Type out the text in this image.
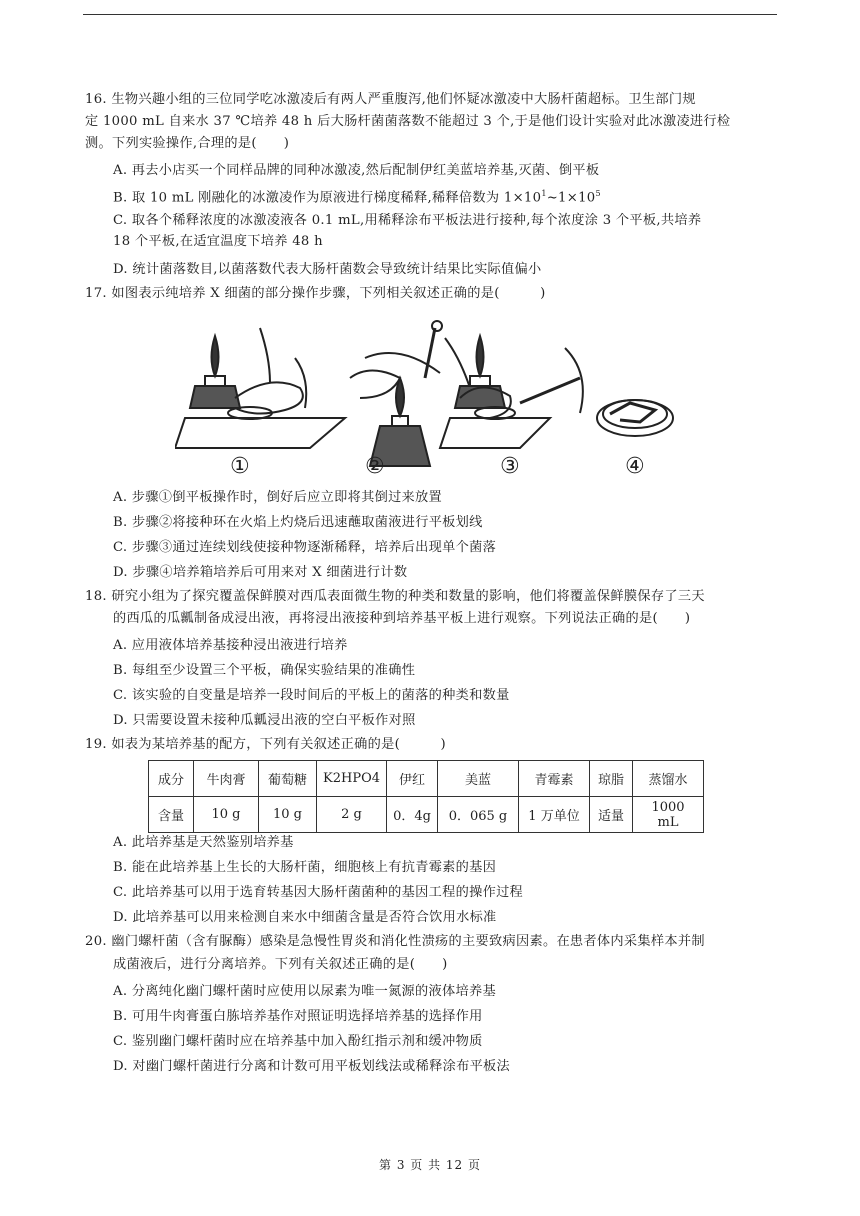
16. 生物兴趣小组的三位同学吃冰激凌后有两人严重腹泻,他们怀疑冰激凌中大肠杆菌超标。卫生部门规
定 1000 mL 自来水 37 ℃培养 48 h 后大肠杆菌菌落数不能超过 3 个,于是他们设计实验对此冰激凌进行检
测。下列实验操作,合理的是(　　)
A. 再去小店买一个同样品牌的同种冰激凌,然后配制伊红美蓝培养基,灭菌、倒平板
B. 取 10 mL 刚融化的冰激凌作为原液进行梯度稀释,稀释倍数为 $1\times 10^1\sim 1\times 10^5$
C. 取各个稀释浓度的冰激凌液各 0.1 mL,用稀释涂布平板法进行接种,每个浓度涂 3 个平板,共培养
18 个平板,在适宜温度下培养 48 h
D. 统计菌落数目,以菌落数代表大肠杆菌数会导致统计结果比实际值偏小
17. 如图表示纯培养 X 细菌的部分操作步骤，下列相关叙述正确的是(　　　)
①	②	③	④
A. 步骤①倒平板操作时，倒好后应立即将其倒过来放置
B. 步骤②将接种环在火焰上灼烧后迅速蘸取菌液进行平板划线
C. 步骤③通过连续划线使接种物逐渐稀释，培养后出现单个菌落
D. 步骤④培养箱培养后可用来对 X 细菌进行计数
18. 研究小组为了探究覆盖保鲜膜对西瓜表面微生物的种类和数量的影响，他们将覆盖保鲜膜保存了三天
的西瓜的瓜瓤制备成浸出液，再将浸出液接种到培养基平板上进行观察。下列说法正确的是(　　)
A. 应用液体培养基接种浸出液进行培养
B. 每组至少设置三个平板，确保实验结果的准确性
C. 该实验的自变量是培养一段时间后的平板上的菌落的种类和数量
D. 只需要设置未接种瓜瓤浸出液的空白平板作对照
19. 如表为某培养基的配方，下列有关叙述正确的是(　　　)
成分	牛肉膏	葡萄糖	K2HPO4	伊红	美蓝	青霉素	琼脂	蒸馏水
含量	10 g	10 g	2 g	0．4g	0．065 g	1 万单位	适量	1000 mL
A. 此培养基是天然鉴别培养基
B. 能在此培养基上生长的大肠杆菌，细胞核上有抗青霉素的基因
C. 此培养基可以用于选育转基因大肠杆菌菌种的基因工程的操作过程
D. 此培养基可以用来检测自来水中细菌含量是否符合饮用水标准
20. 幽门螺杆菌（含有脲酶）感染是急慢性胃炎和消化性溃疡的主要致病因素。在患者体内采集样本并制
成菌液后，进行分离培养。下列有关叙述正确的是(　　)
A. 分离纯化幽门螺杆菌时应使用以尿素为唯一氮源的液体培养基
B. 可用牛肉膏蛋白胨培养基作对照证明选择培养基的选择作用
C. 鉴别幽门螺杆菌时应在培养基中加入酚红指示剂和缓冲物质
D. 对幽门螺杆菌进行分离和计数可用平板划线法或稀释涂布平板法
第 3 页 共 12 页
